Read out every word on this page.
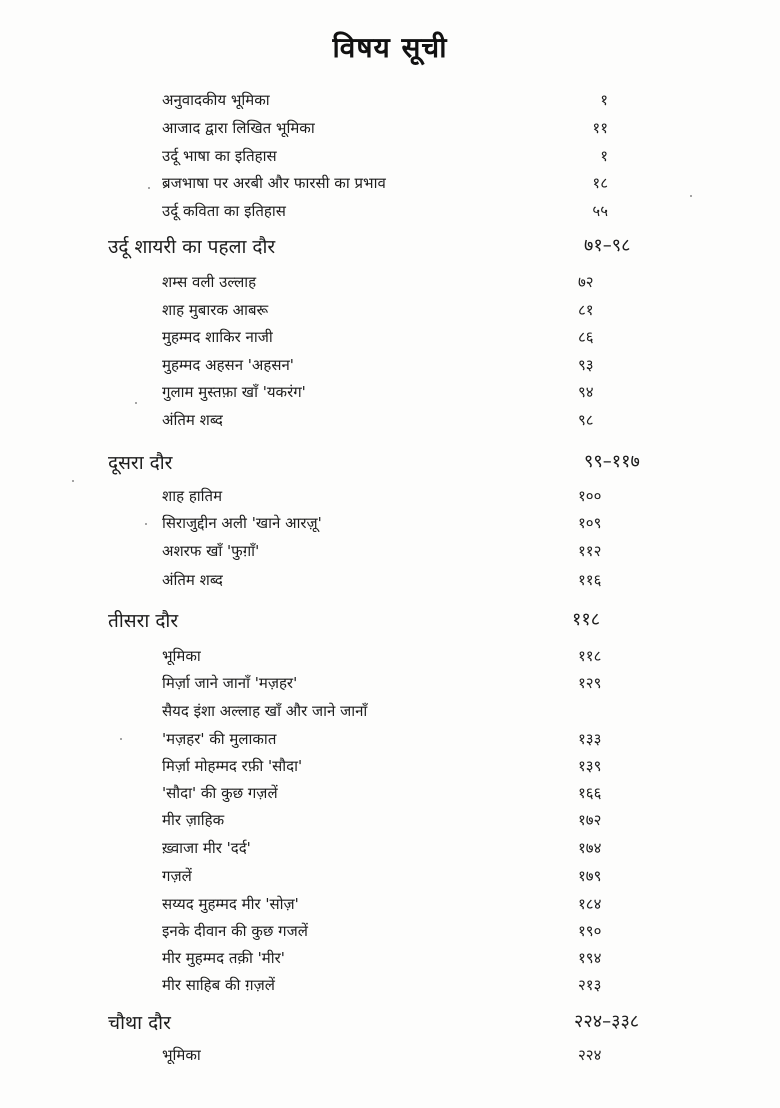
विषय सूची
अनुवादकीय भूमिका	१
आजाद द्वारा लिखित भूमिका	११
उर्दू भाषा का इतिहास	१
ब्रजभाषा पर अरबी और फारसी का प्रभाव	१८
उर्दू कविता का इतिहास	५५
उर्दू शायरी का पहला दौर	७१–९८
शम्स वली उल्लाह	७२
शाह मुबारक आबरू	८१
मुहम्मद शाकिर नाजी	८६
मुहम्मद अहसन 'अहसन'	९३
गुलाम मुस्तफ़ा खाँ 'यकरंग'	९४
अंतिम शब्द	९८
दूसरा दौर	९९–११७
शाह हातिम	१००
सिराजुद्दीन अली 'खाने आरज़ू'	१०९
अशरफ खाँ 'फुग़ाँ'	११२
अंतिम शब्द	११६
तीसरा दौर	११८
भूमिका	११८
मिर्ज़ा जाने जानाँ 'मज़हर'	१२९
सैयद इंशा अल्लाह खाँ और जाने जानाँ
'मज़हर' की मुलाकात	१३३
मिर्ज़ा मोहम्मद रफ़ी 'सौदा'	१३९
'सौदा' की कुछ गज़लें	१६६
मीर ज़ाहिक	१७२
ख़्वाजा मीर 'दर्द'	१७४
गज़लें	१७९
सय्यद मुहम्मद मीर 'सोज़'	१८४
इनके दीवान की कुछ गजलें	१९०
मीर मुहम्मद तक़ी 'मीर'	१९४
मीर साहिब की ग़ज़लें	२१३
चौथा दौर	२२४–३३८
भूमिका	२२४
